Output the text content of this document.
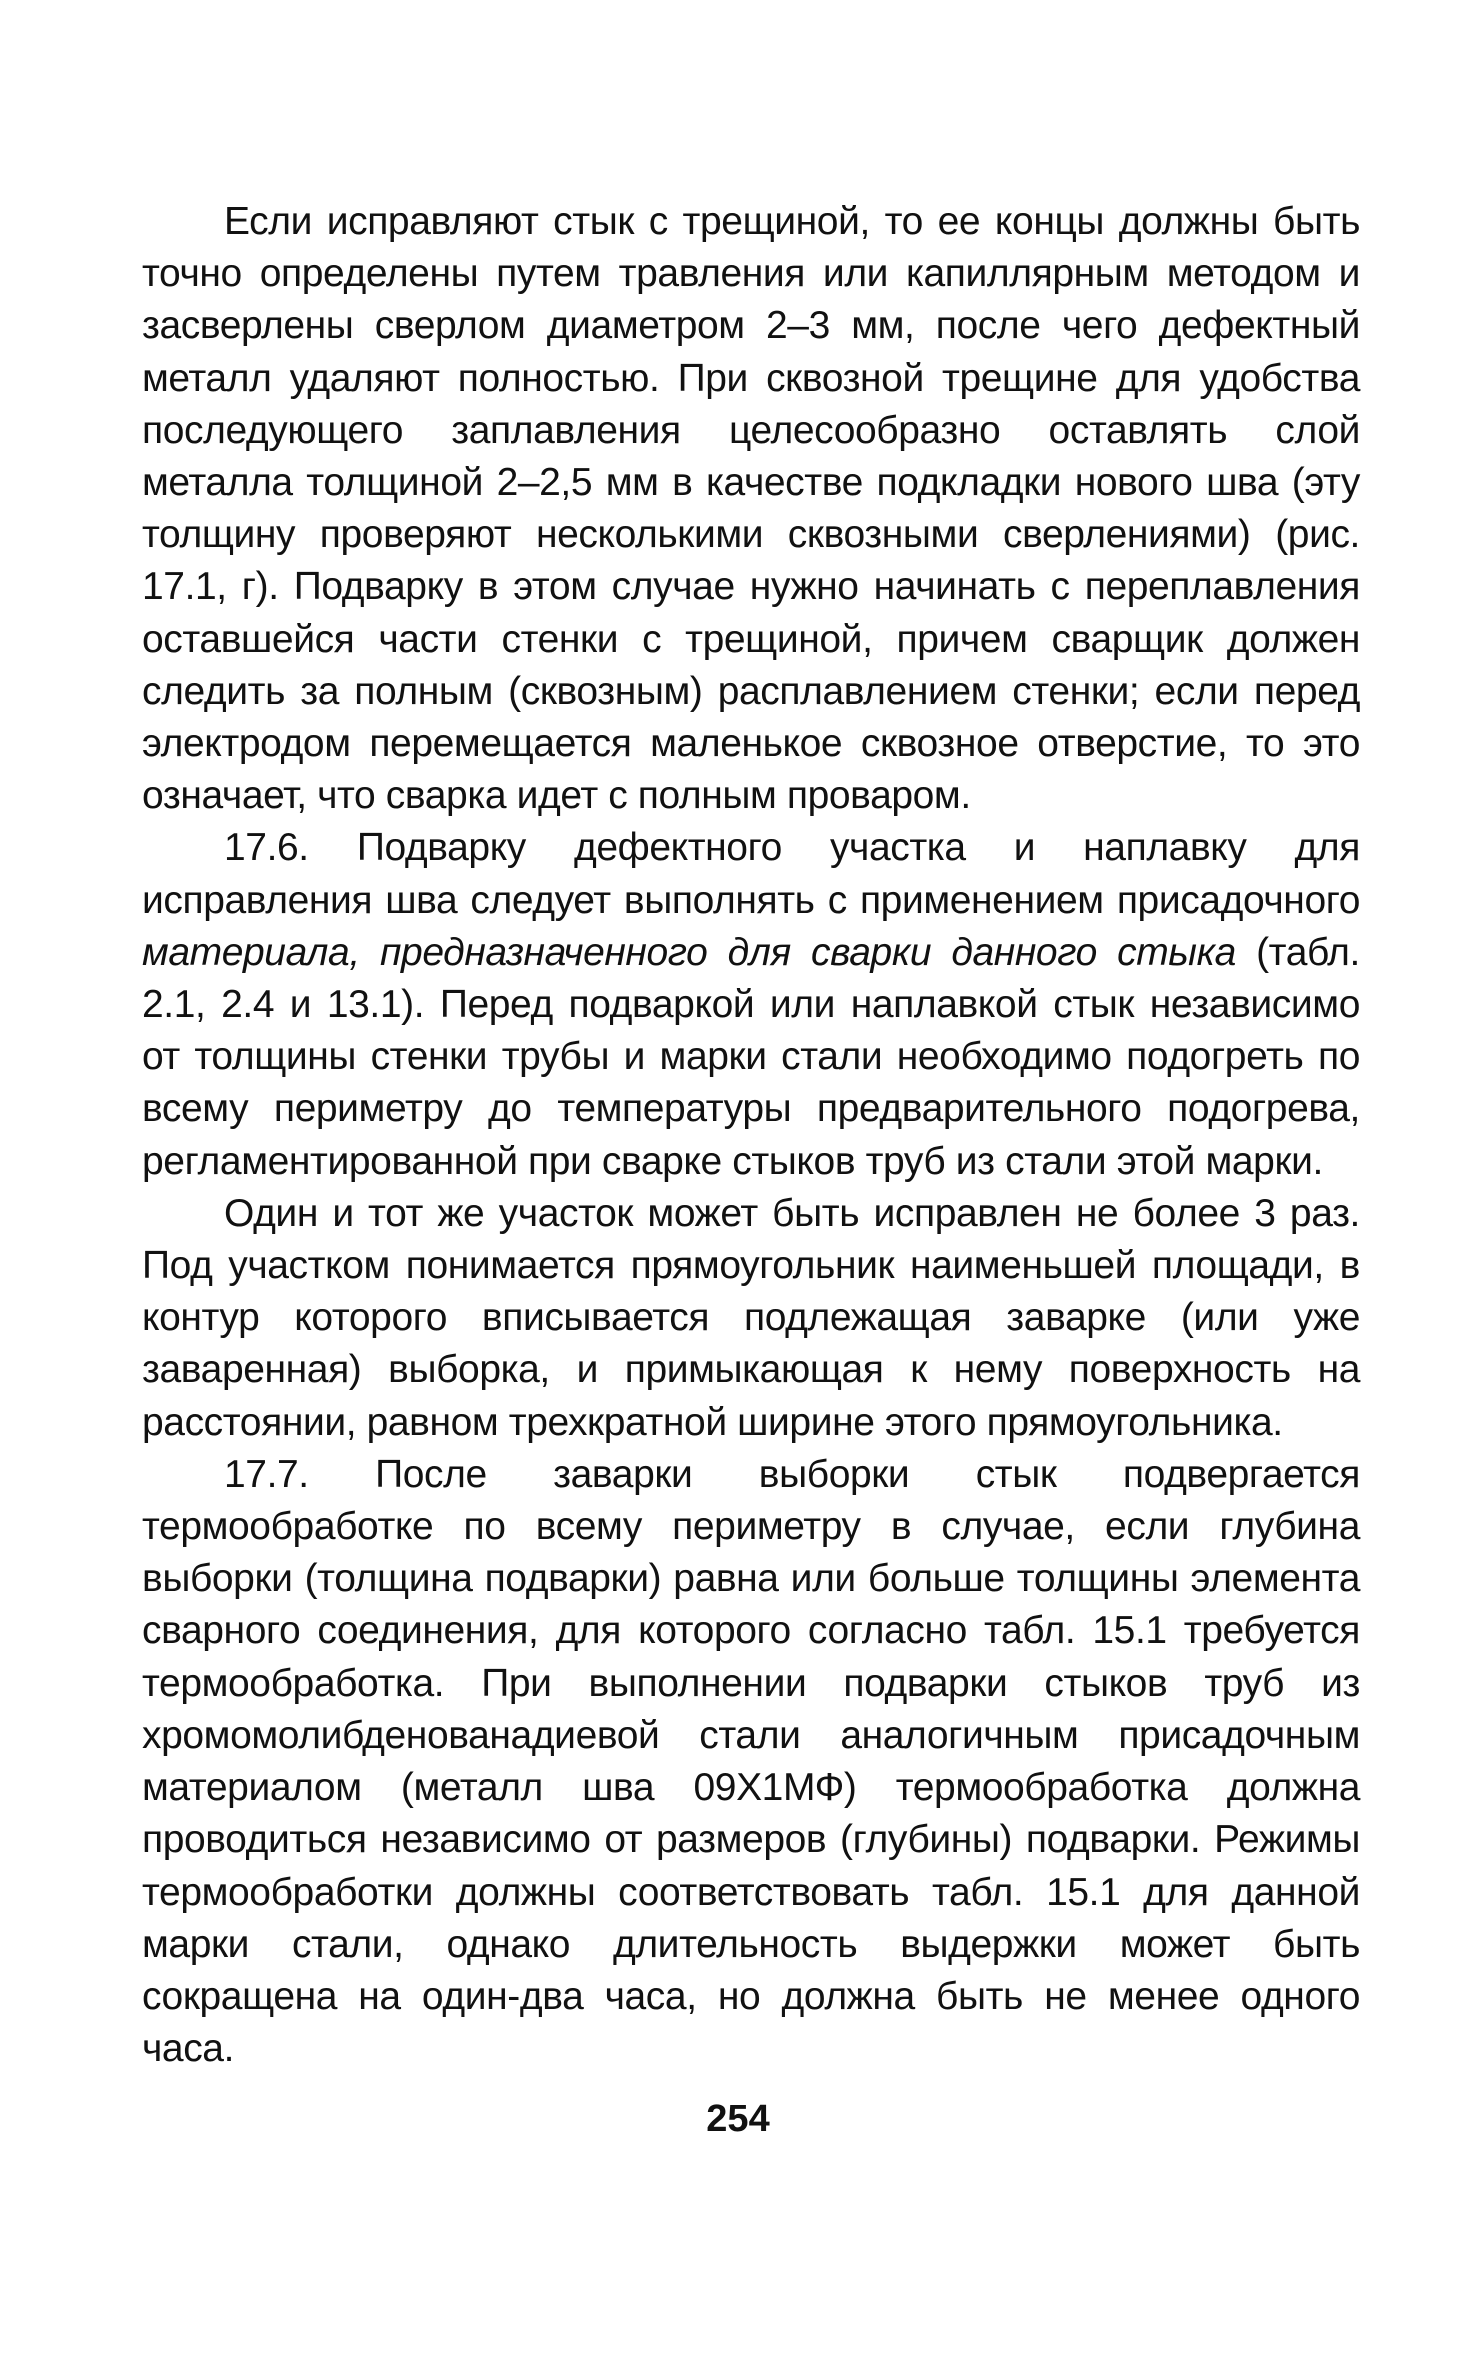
Если исправляют стык с трещиной, то ее концы должны быть точно определены путем травления или капиллярным методом и засверлены сверлом диаметром 2–3 мм, после чего дефектный металл удаляют полностью. При сквозной трещине для удобства последующего заплавления целесообразно оставлять слой металла толщиной 2–2,5 мм в качестве подкладки нового шва (эту толщину проверяют несколькими сквозными сверлениями) (рис. 17.1, г). Подварку в этом случае нужно начинать с переплавления оставшейся части стенки с трещиной, причем сварщик должен следить за полным (сквозным) расплавлением стенки; если перед электродом перемещается маленькое сквозное отверстие, то это означает, что сварка идет с полным проваром.

17.6. Подварку дефектного участка и наплавку для исправления шва следует выполнять с применением присадочного материала, предназначенного для сварки данного стыка (табл. 2.1, 2.4 и 13.1). Перед подваркой или наплавкой стык независимо от толщины стенки трубы и марки стали необходимо подогреть по всему периметру до температуры предварительного подогрева, регламентированной при сварке стыков труб из стали этой марки.

Один и тот же участок может быть исправлен не более 3 раз. Под участком понимается прямоугольник наименьшей площади, в контур которого вписывается подлежащая заварке (или уже заваренная) выборка, и примыкающая к нему поверхность на расстоянии, равном трехкратной ширине этого прямоугольника.

17.7. После заварки выборки стык подвергается термообработке по всему периметру в случае, если глубина выборки (толщина подварки) равна или больше толщины элемента сварного соединения, для которого согласно табл. 15.1 требуется термообработка. При выполнении подварки стыков труб из хромомолибденованадиевой стали аналогичным присадочным материалом (металл шва 09Х1МФ) термообработка должна проводиться независимо от размеров (глубины) подварки. Режимы термообработки должны соответствовать табл. 15.1 для данной марки стали, однако длительность выдержки может быть сокращена на один-два часа, но должна быть не менее одного часа.

254
